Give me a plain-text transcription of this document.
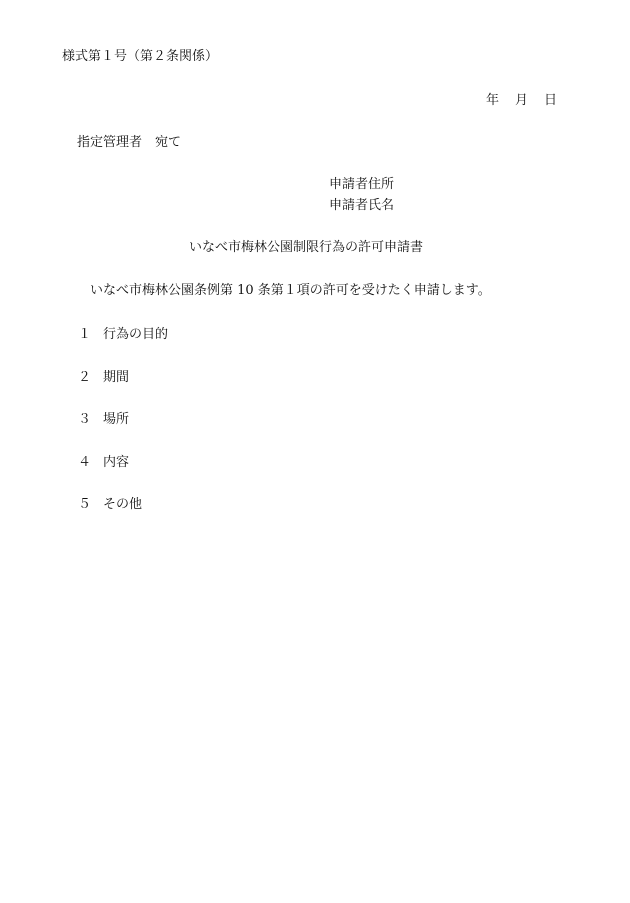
様式第１号（第２条関係）
年 月 日
指定管理者 宛て
申請者住所
申請者氏名
いなべ市梅林公園制限行為の許可申請書
いなべ市梅林公園条例第 10 条第１項の許可を受けたく申請します。
１ 行為の目的
２ 期間
３ 場所
４ 内容
５ その他
